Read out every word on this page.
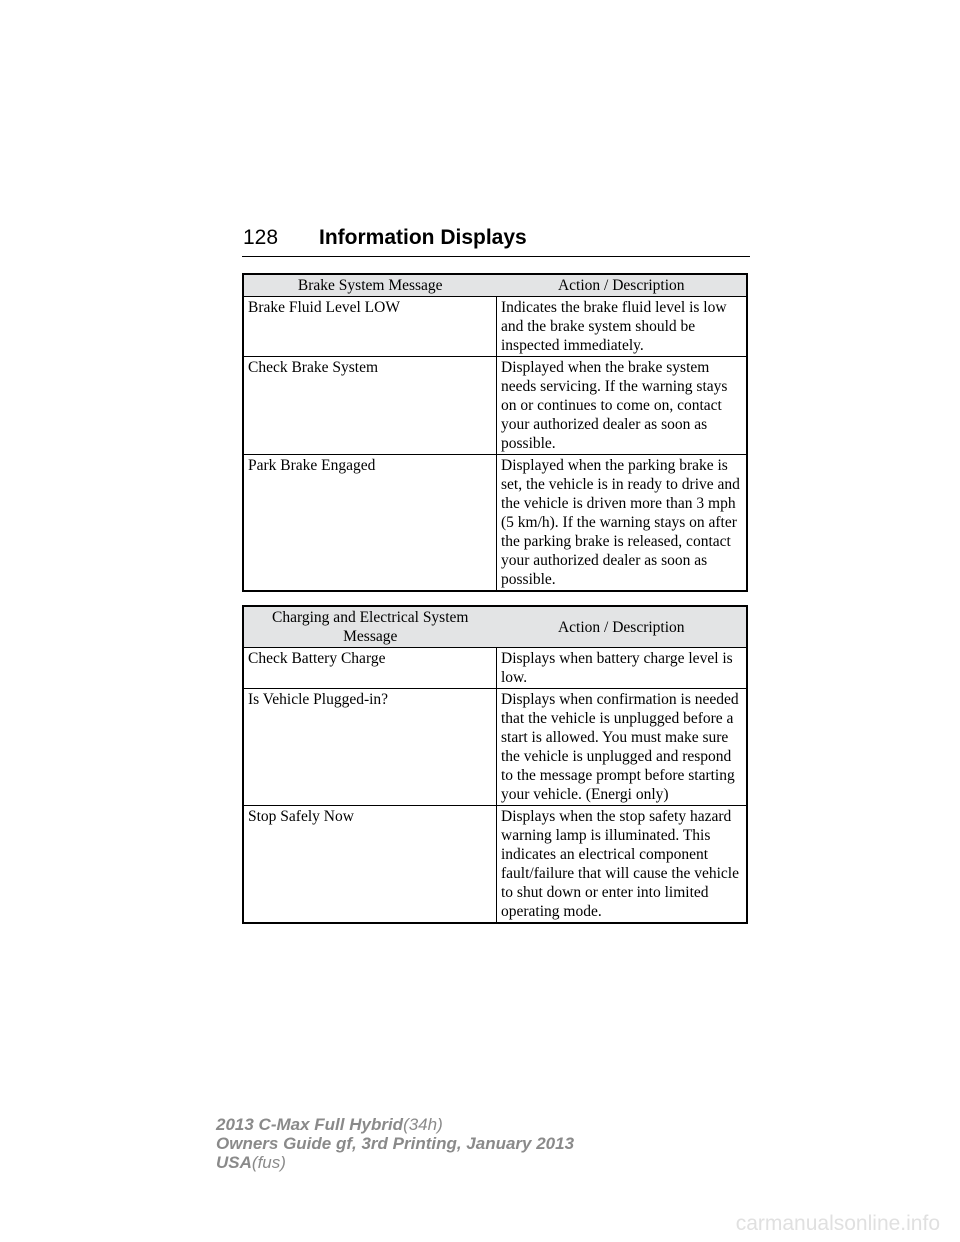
128 Information Displays
Brake System Message	Action / Description
Brake Fluid Level LOW	Indicates the brake fluid level is low and the brake system should be inspected immediately.
Check Brake System	Displayed when the brake system needs servicing. If the warning stays on or continues to come on, contact your authorized dealer as soon as possible.
Park Brake Engaged	Displayed when the parking brake is set, the vehicle is in ready to drive and the vehicle is driven more than 3 mph (5 km/h). If the warning stays on after the parking brake is released, contact your authorized dealer as soon as possible.
Charging and Electrical System Message	Action / Description
Check Battery Charge	Displays when battery charge level is low.
Is Vehicle Plugged-in?	Displays when confirmation is needed that the vehicle is unplugged before a start is allowed. You must make sure the vehicle is unplugged and respond to the message prompt before starting your vehicle. (Energi only)
Stop Safely Now	Displays when the stop safety hazard warning lamp is illuminated. This indicates an electrical component fault/failure that will cause the vehicle to shut down or enter into limited operating mode.
2013 C-Max Full Hybrid(34h)
Owners Guide gf, 3rd Printing, January 2013
USA(fus)
carmanualsonline.info
